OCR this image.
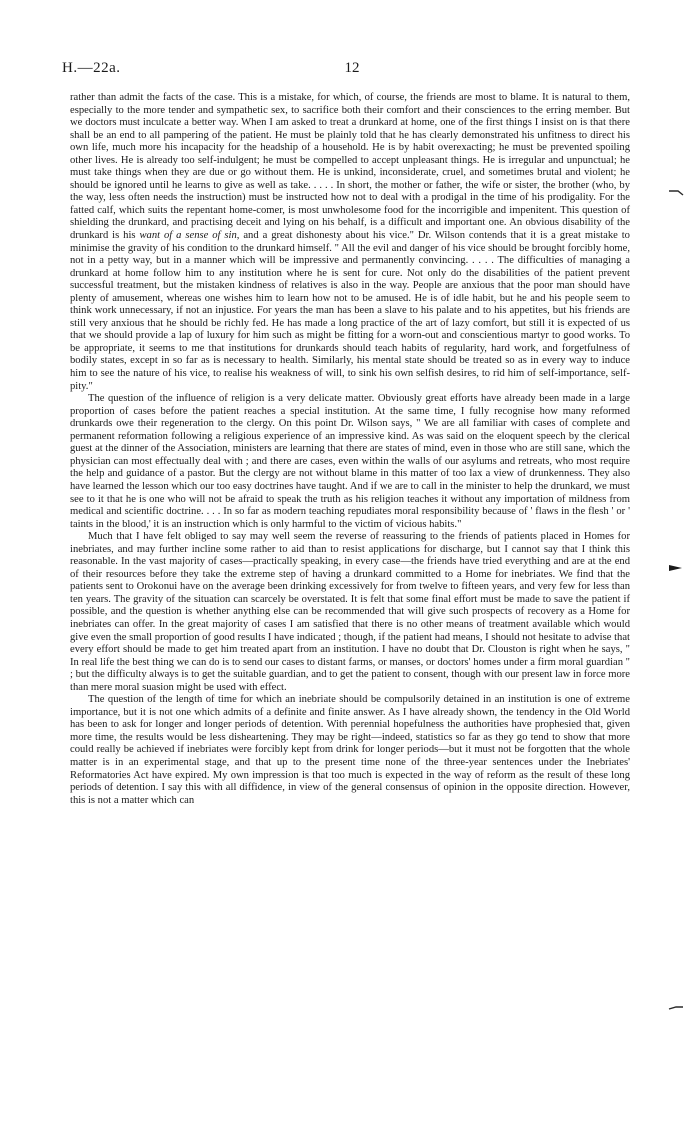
H.—22a.	12

rather than admit the facts of the case. This is a mistake, for which, of course, the friends are most to blame. It is natural to them, especially to the more tender and sympathetic sex, to sacrifice both their comfort and their consciences to the erring member. But we doctors must inculcate a better way. When I am asked to treat a drunkard at home, one of the first things I insist on is that there shall be an end to all pampering of the patient. He must be plainly told that he has clearly demonstrated his unfitness to direct his own life, much more his incapacity for the headship of a household. He is by habit overexacting; he must be prevented spoiling other lives. He is already too self-indulgent; he must be compelled to accept unpleasant things. He is irregular and unpunctual; he must take things when they are due or go without them. He is unkind, inconsiderate, cruel, and sometimes brutal and violent; he should be ignored until he learns to give as well as take. . . . . In short, the mother or father, the wife or sister, the brother (who, by the way, less often needs the instruction) must be instructed how not to deal with a prodigal in the time of his prodigality. For the fatted calf, which suits the repentant home-comer, is most unwholesome food for the incorrigible and impenitent. This question of shielding the drunkard, and practising deceit and lying on his behalf, is a difficult and important one. An obvious disability of the drunkard is his want of a sense of sin, and a great dishonesty about his vice." Dr. Wilson contends that it is a great mistake to minimise the gravity of his condition to the drunkard himself. " All the evil and danger of his vice should be brought forcibly home, not in a petty way, but in a manner which will be impressive and permanently convincing. . . . . The difficulties of managing a drunkard at home follow him to any institution where he is sent for cure. Not only do the disabilities of the patient prevent successful treatment, but the mistaken kindness of relatives is also in the way. People are anxious that the poor man should have plenty of amusement, whereas one wishes him to learn how not to be amused. He is of idle habit, but he and his people seem to think work unnecessary, if not an injustice. For years the man has been a slave to his palate and to his appetites, but his friends are still very anxious that he should be richly fed. He has made a long practice of the art of lazy comfort, but still it is expected of us that we should provide a lap of luxury for him such as might be fitting for a worn-out and conscientious martyr to good works. To be appropriate, it seems to me that institutions for drunkards should teach habits of regularity, hard work, and forgetfulness of bodily states, except in so far as is necessary to health. Similarly, his mental state should be treated so as in every way to induce him to see the nature of his vice, to realise his weakness of will, to sink his own selfish desires, to rid him of self-importance, self-pity."

The question of the influence of religion is a very delicate matter. Obviously great efforts have already been made in a large proportion of cases before the patient reaches a special institution. At the same time, I fully recognise how many reformed drunkards owe their regeneration to the clergy. On this point Dr. Wilson says, " We are all familiar with cases of complete and permanent reformation following a religious experience of an impressive kind. As was said on the eloquent speech by the clerical guest at the dinner of the Association, ministers are learning that there are states of mind, even in those who are still sane, which the physician can most effectually deal with ; and there are cases, even within the walls of our asylums and retreats, who most require the help and guidance of a pastor. But the clergy are not without blame in this matter of too lax a view of drunkenness. They also have learned the lesson which our too easy doctrines have taught. And if we are to call in the minister to help the drunkard, we must see to it that he is one who will not be afraid to speak the truth as his religion teaches it without any importation of mildness from medical and scientific doctrine. . . . In so far as modern teaching repudiates moral responsibility because of ' flaws in the flesh ' or ' taints in the blood,' it is an instruction which is only harmful to the victim of vicious habits."

Much that I have felt obliged to say may well seem the reverse of reassuring to the friends of patients placed in Homes for inebriates, and may further incline some rather to aid than to resist applications for discharge, but I cannot say that I think this reasonable. In the vast majority of cases—practically speaking, in every case—the friends have tried everything and are at the end of their resources before they take the extreme step of having a drunkard committed to a Home for inebriates. We find that the patients sent to Orokonui have on the average been drinking excessively for from twelve to fifteen years, and very few for less than ten years. The gravity of the situation can scarcely be overstated. It is felt that some final effort must be made to save the patient if possible, and the question is whether anything else can be recommended that will give such prospects of recovery as a Home for inebriates can offer. In the great majority of cases I am satisfied that there is no other means of treatment available which would give even the small proportion of good results I have indicated ; though, if the patient had means, I should not hesitate to advise that every effort should be made to get him treated apart from an institution. I have no doubt that Dr. Clouston is right when he says, " In real life the best thing we can do is to send our cases to distant farms, or manses, or doctors' homes under a firm moral guardian " ; but the difficulty always is to get the suitable guardian, and to get the patient to consent, though with our present law in force more than mere moral suasion might be used with effect.

The question of the length of time for which an inebriate should be compulsorily detained in an institution is one of extreme importance, but it is not one which admits of a definite and finite answer. As I have already shown, the tendency in the Old World has been to ask for longer and longer periods of detention. With perennial hopefulness the authorities have prophesied that, given more time, the results would be less disheartening. They may be right—indeed, statistics so far as they go tend to show that more could really be achieved if inebriates were forcibly kept from drink for longer periods—but it must not be forgotten that the whole matter is in an experimental stage, and that up to the present time none of the three-year sentences under the Inebriates' Reformatories Act have expired. My own impression is that too much is expected in the way of reform as the result of these long periods of detention. I say this with all diffidence, in view of the general consensus of opinion in the opposite direction. However, this is not a matter which can
